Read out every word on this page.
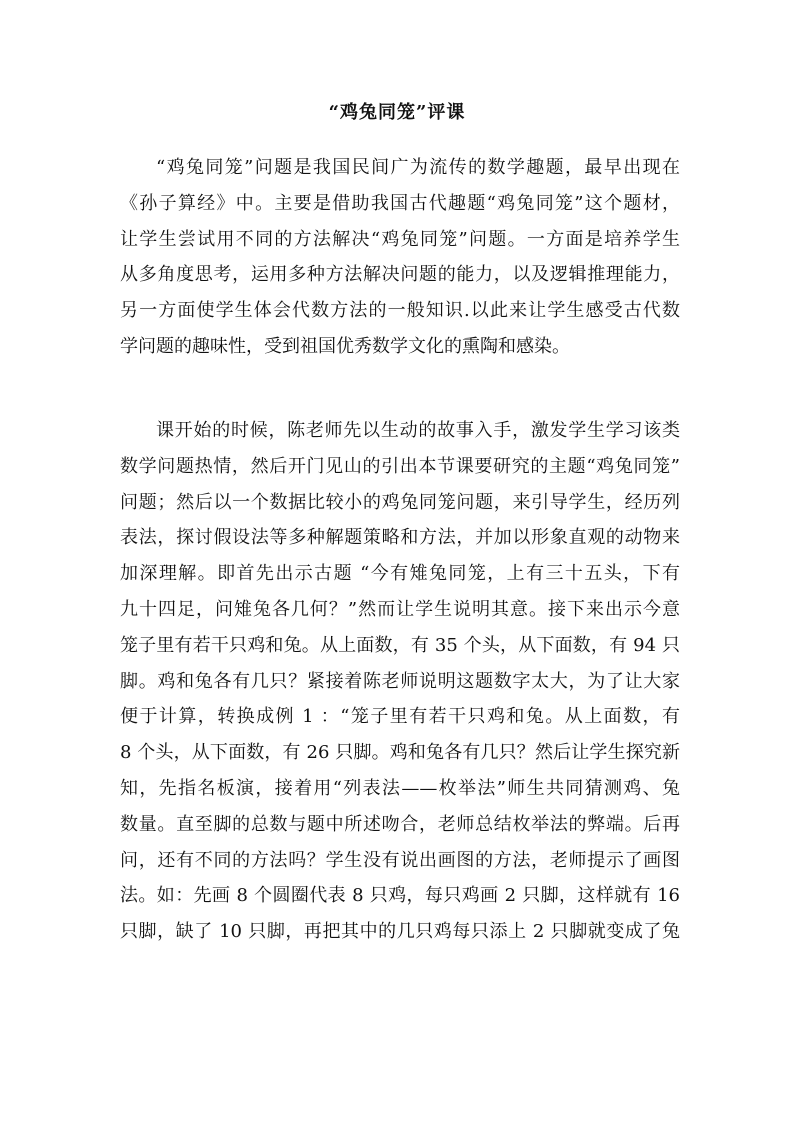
“鸡兔同笼”评课
“鸡兔同笼”问题是我国民间广为流传的数学趣题，最早出现在
《孙子算经》中。主要是借助我国古代趣题“鸡兔同笼”这个题材，
让学生尝试用不同的方法解决“鸡兔同笼”问题。一方面是培养学生
从多角度思考，运用多种方法解决问题的能力，以及逻辑推理能力，
另一方面使学生体会代数方法的一般知识.以此来让学生感受古代数
学问题的趣味性，受到祖国优秀数学文化的熏陶和感染。
课开始的时候，陈老师先以生动的故事入手，激发学生学习该类
数学问题热情，然后开门见山的引出本节课要研究的主题“鸡兔同笼”
问题；然后以一个数据比较小的鸡兔同笼问题，来引导学生，经历列
表法，探讨假设法等多种解题策略和方法，并加以形象直观的动物来
加深理解。即首先出示古题 “今有雉兔同笼，上有三十五头，下有
九十四足，问雉兔各几何？”然而让学生说明其意。接下来出示今意
笼子里有若干只鸡和兔。从上面数，有 35 个头，从下面数，有 94 只
脚。鸡和兔各有几只？紧接着陈老师说明这题数字太大，为了让大家
便于计算，转换成例 1 ：“笼子里有若干只鸡和兔。从上面数，有
8 个头，从下面数，有 26 只脚。鸡和兔各有几只？然后让学生探究新
知，先指名板演，接着用“列表法——枚举法”师生共同猜测鸡、兔
数量。直至脚的总数与题中所述吻合，老师总结枚举法的弊端。后再
问，还有不同的方法吗？学生没有说出画图的方法，老师提示了画图
法。如：先画 8 个圆圈代表 8 只鸡，每只鸡画 2 只脚，这样就有 16
只脚，缺了 10 只脚，再把其中的几只鸡每只添上 2 只脚就变成了兔
